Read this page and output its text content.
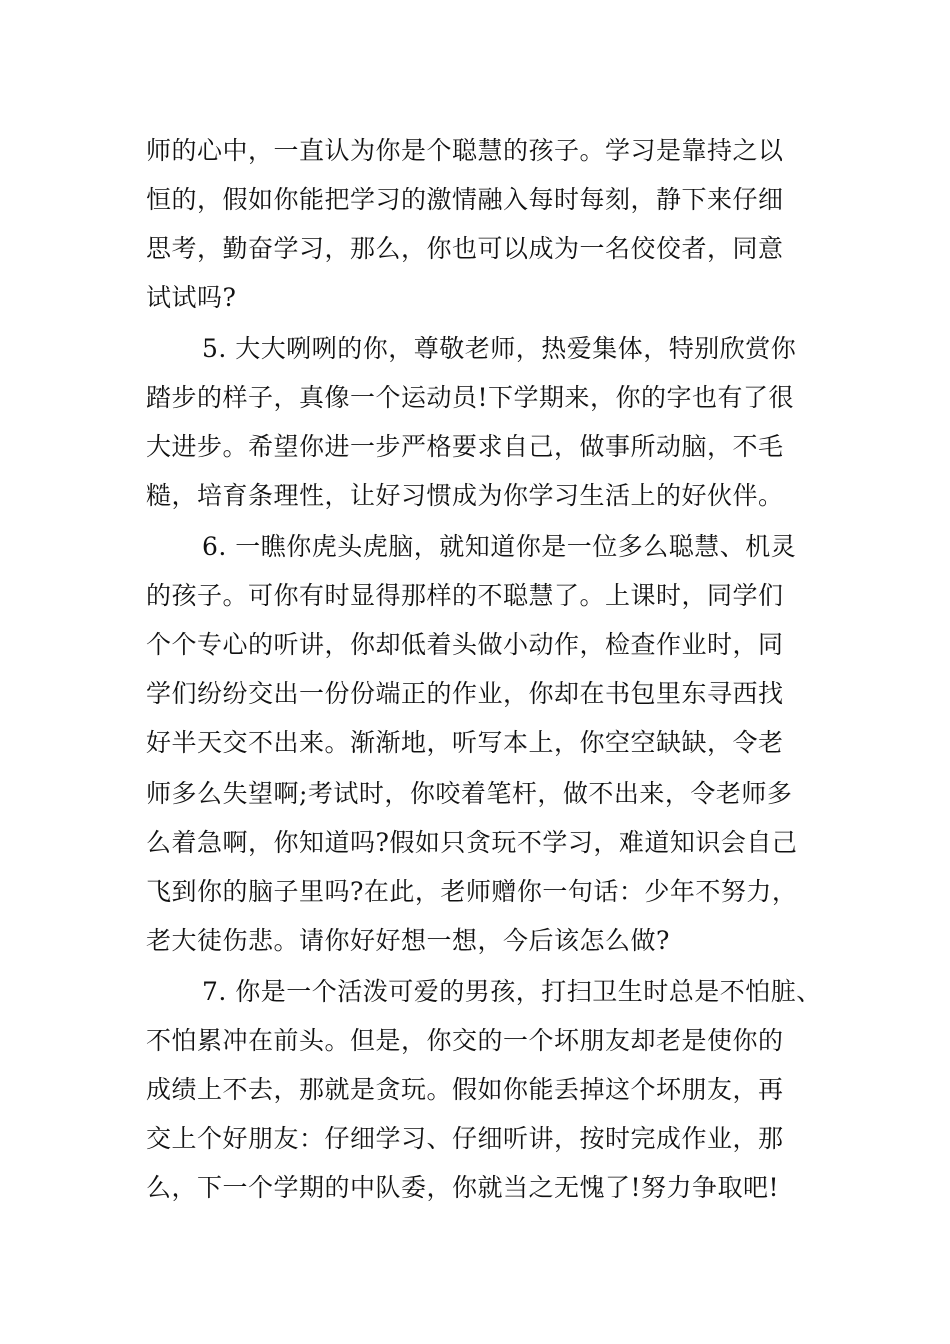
师的心中，一直认为你是个聪慧的孩子。学习是靠持之以
恒的，假如你能把学习的激情融入每时每刻，静下来仔细
思考，勤奋学习，那么，你也可以成为一名佼佼者，同意
试试吗?
5. 大大咧咧的你，尊敬老师，热爱集体，特别欣赏你
踏步的样子，真像一个运动员!下学期来，你的字也有了很
大进步。希望你进一步严格要求自己，做事所动脑，不毛
糙，培育条理性，让好习惯成为你学习生活上的好伙伴。
6. 一瞧你虎头虎脑，就知道你是一位多么聪慧、机灵
的孩子。可你有时显得那样的不聪慧了。上课时，同学们
个个专心的听讲，你却低着头做小动作，检查作业时，同
学们纷纷交出一份份端正的作业，你却在书包里东寻西找
好半天交不出来。渐渐地，听写本上，你空空缺缺，令老
师多么失望啊;考试时，你咬着笔杆，做不出来，令老师多
么着急啊，你知道吗?假如只贪玩不学习，难道知识会自己
飞到你的脑子里吗?在此，老师赠你一句话：少年不努力，
老大徒伤悲。请你好好想一想，今后该怎么做?
7. 你是一个活泼可爱的男孩，打扫卫生时总是不怕脏、
不怕累冲在前头。但是，你交的一个坏朋友却老是使你的
成绩上不去，那就是贪玩。假如你能丢掉这个坏朋友，再
交上个好朋友：仔细学习、仔细听讲，按时完成作业，那
么，下一个学期的中队委，你就当之无愧了!努力争取吧!
